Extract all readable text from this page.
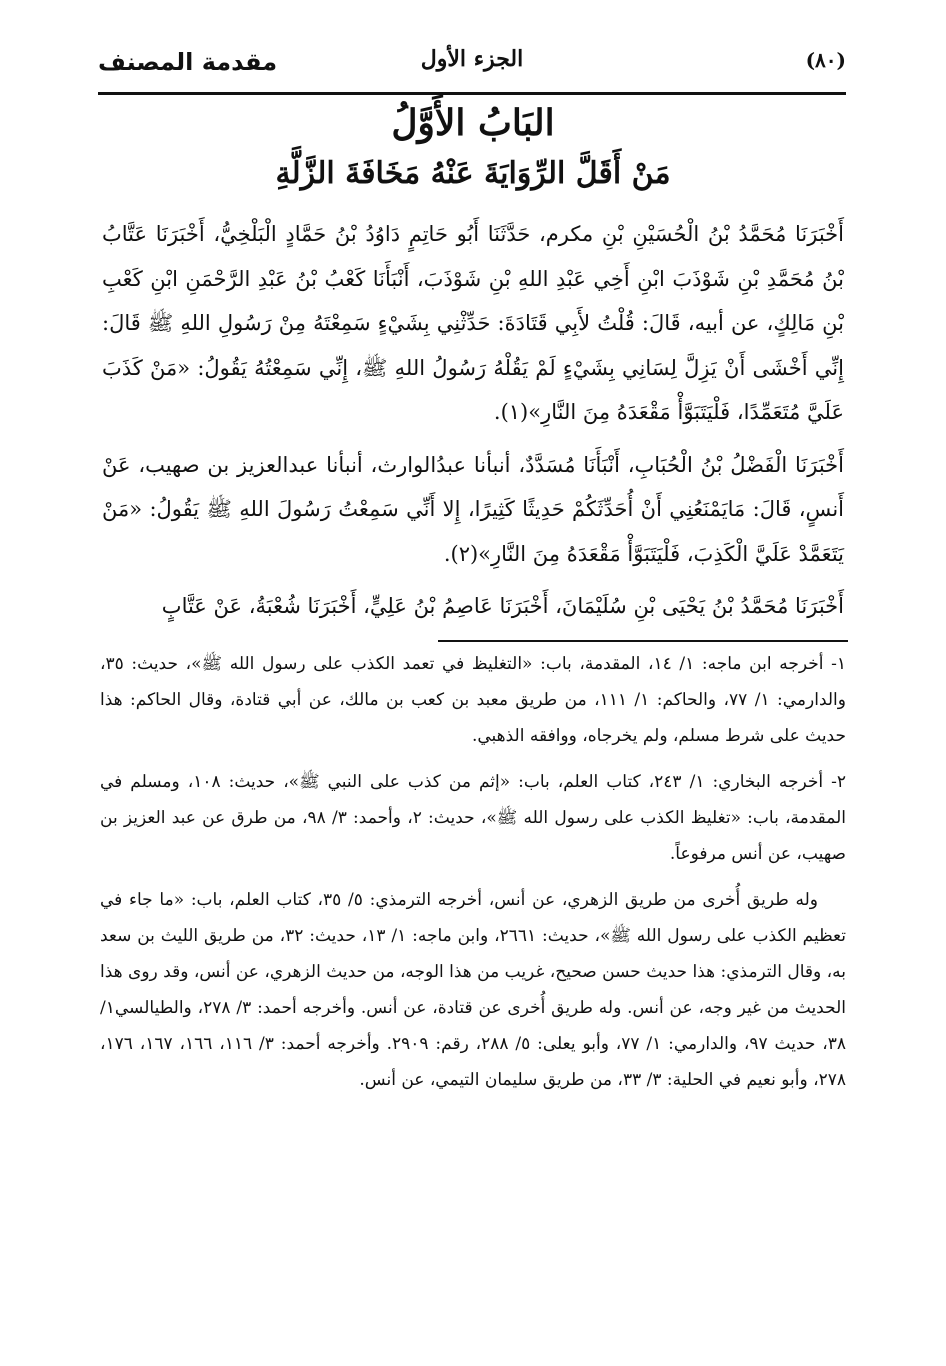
(٨٠)
الجزء الأول
مقدمة المصنف
البَابُ الأَوَّلُ
مَنْ أَقَلَّ الرِّوَايَةَ عَنْهُ مَخَافَةَ الزَّلَّةِ

أَخْبَرَنَا مُحَمَّدُ بْنُ الْحُسَيْنِ بْنِ مكرم، حَدَّثَنَا أَبُو حَاتِمٍ دَاوُدُ بْنُ حَمَّادٍ الْبَلْخِيُّ، أَخْبَرَنَا عَتَّابُ بْنُ مُحَمَّدِ بْنِ شَوْذَبَ ابْنِ أَخِي عَبْدِ اللهِ بْنِ شَوْذَبَ، أَنْبَأَنَا كَعْبُ بْنُ عَبْدِ الرَّحْمَنِ ابْنِ كَعْبِ بْنِ مَالِكٍ، عن أبيه، قَالَ: قُلْتُ لأَبِي قَتَادَةَ: حَدِّثْنِي بِشَيْءٍ سَمِعْتَهُ مِنْ رَسُولِ اللهِ ﷺ قَالَ: إِنِّي أَخْشَى أَنْ يَزِلَّ لِسَانِي بِشَيْءٍ لَمْ يَقُلْهُ رَسُولُ اللهِ ﷺ، إِنِّي سَمِعْتُهُ يَقُولُ: «مَنْ كَذَبَ عَلَيَّ مُتَعَمِّدًا، فَلْيَتَبَوَّأْ مَقْعَدَهُ مِنَ النَّارِ»(١).

أَخْبَرَنَا الْفَضْلُ بْنُ الْحُبَابِ، أَنْبَأَنَا مُسَدَّدٌ، أنبأنا عبدُالوارث، أنبأنا عبدالعزيز بن صهيب، عَنْ أَنسٍ، قَالَ: مَايَمْنَعُنِي أَنْ أُحَدِّثَكُمْ حَدِيثًا كَثِيرًا، إِلا أَنِّي سَمِعْتُ رَسُولَ اللهِ ﷺ يَقُولُ: «مَنْ يَتَعَمَّدْ عَلَيَّ الْكَذِبَ، فَلْيَتَبَوَّأْ مَقْعَدَهُ مِنَ النَّارِ»(٢).

أَخْبَرَنَا مُحَمَّدُ بْنُ يَحْيَى بْنِ سُلَيْمَانَ، أَخْبَرَنَا عَاصِمُ بْنُ عَلِيٍّ، أَخْبَرَنَا شُعْبَةُ، عَنْ عَتَّابٍ

١- أخرجه ابن ماجه: ١/ ١٤، المقدمة، باب: «التغليظ في تعمد الكذب على رسول الله ﷺ»، حديث: ٣٥، والدارمي: ١/ ٧٧، والحاكم: ١/ ١١١، من طريق معبد بن كعب بن مالك، عن أبي قتادة، وقال الحاكم: هذا حديث على شرط مسلم، ولم يخرجاه، ووافقه الذهبي.

٢- أخرجه البخاري: ١/ ٢٤٣، كتاب العلم، باب: «إثم من كذب على النبي ﷺ»، حديث: ١٠٨، ومسلم في المقدمة، باب: «تغليظ الكذب على رسول الله ﷺ»، حديث: ٢، وأحمد: ٣/ ٩٨، من طرق عن عبد العزيز بن صهيب، عن أنس مرفوعاً.

وله طريق أُخرى من طريق الزهري، عن أنس، أخرجه الترمذي: ٥/ ٣٥، كتاب العلم، باب: «ما جاء في تعظيم الكذب على رسول الله ﷺ»، حديث: ٢٦٦١، وابن ماجه: ١/ ١٣، حديث: ٣٢، من طريق الليث بن سعد به، وقال الترمذي: هذا حديث حسن صحيح، غريب من هذا الوجه، من حديث الزهري، عن أنس، وقد روى هذا الحديث من غير وجه، عن أنس. وله طريق أُخرى عن قتادة، عن أنس. وأخرجه أحمد: ٣/ ٢٧٨، والطيالسي١/ ٣٨، حديث ٩٧، والدارمي: ١/ ٧٧، وأبو يعلى: ٥/ ٢٨٨، رقم: ٢٩٠٩. وأخرجه أحمد: ٣/ ١١٦، ١٦٦، ١٦٧، ١٧٦، ٢٧٨، وأبو نعيم في الحلية: ٣/ ٣٣، من طريق سليمان التيمي، عن أنس.
